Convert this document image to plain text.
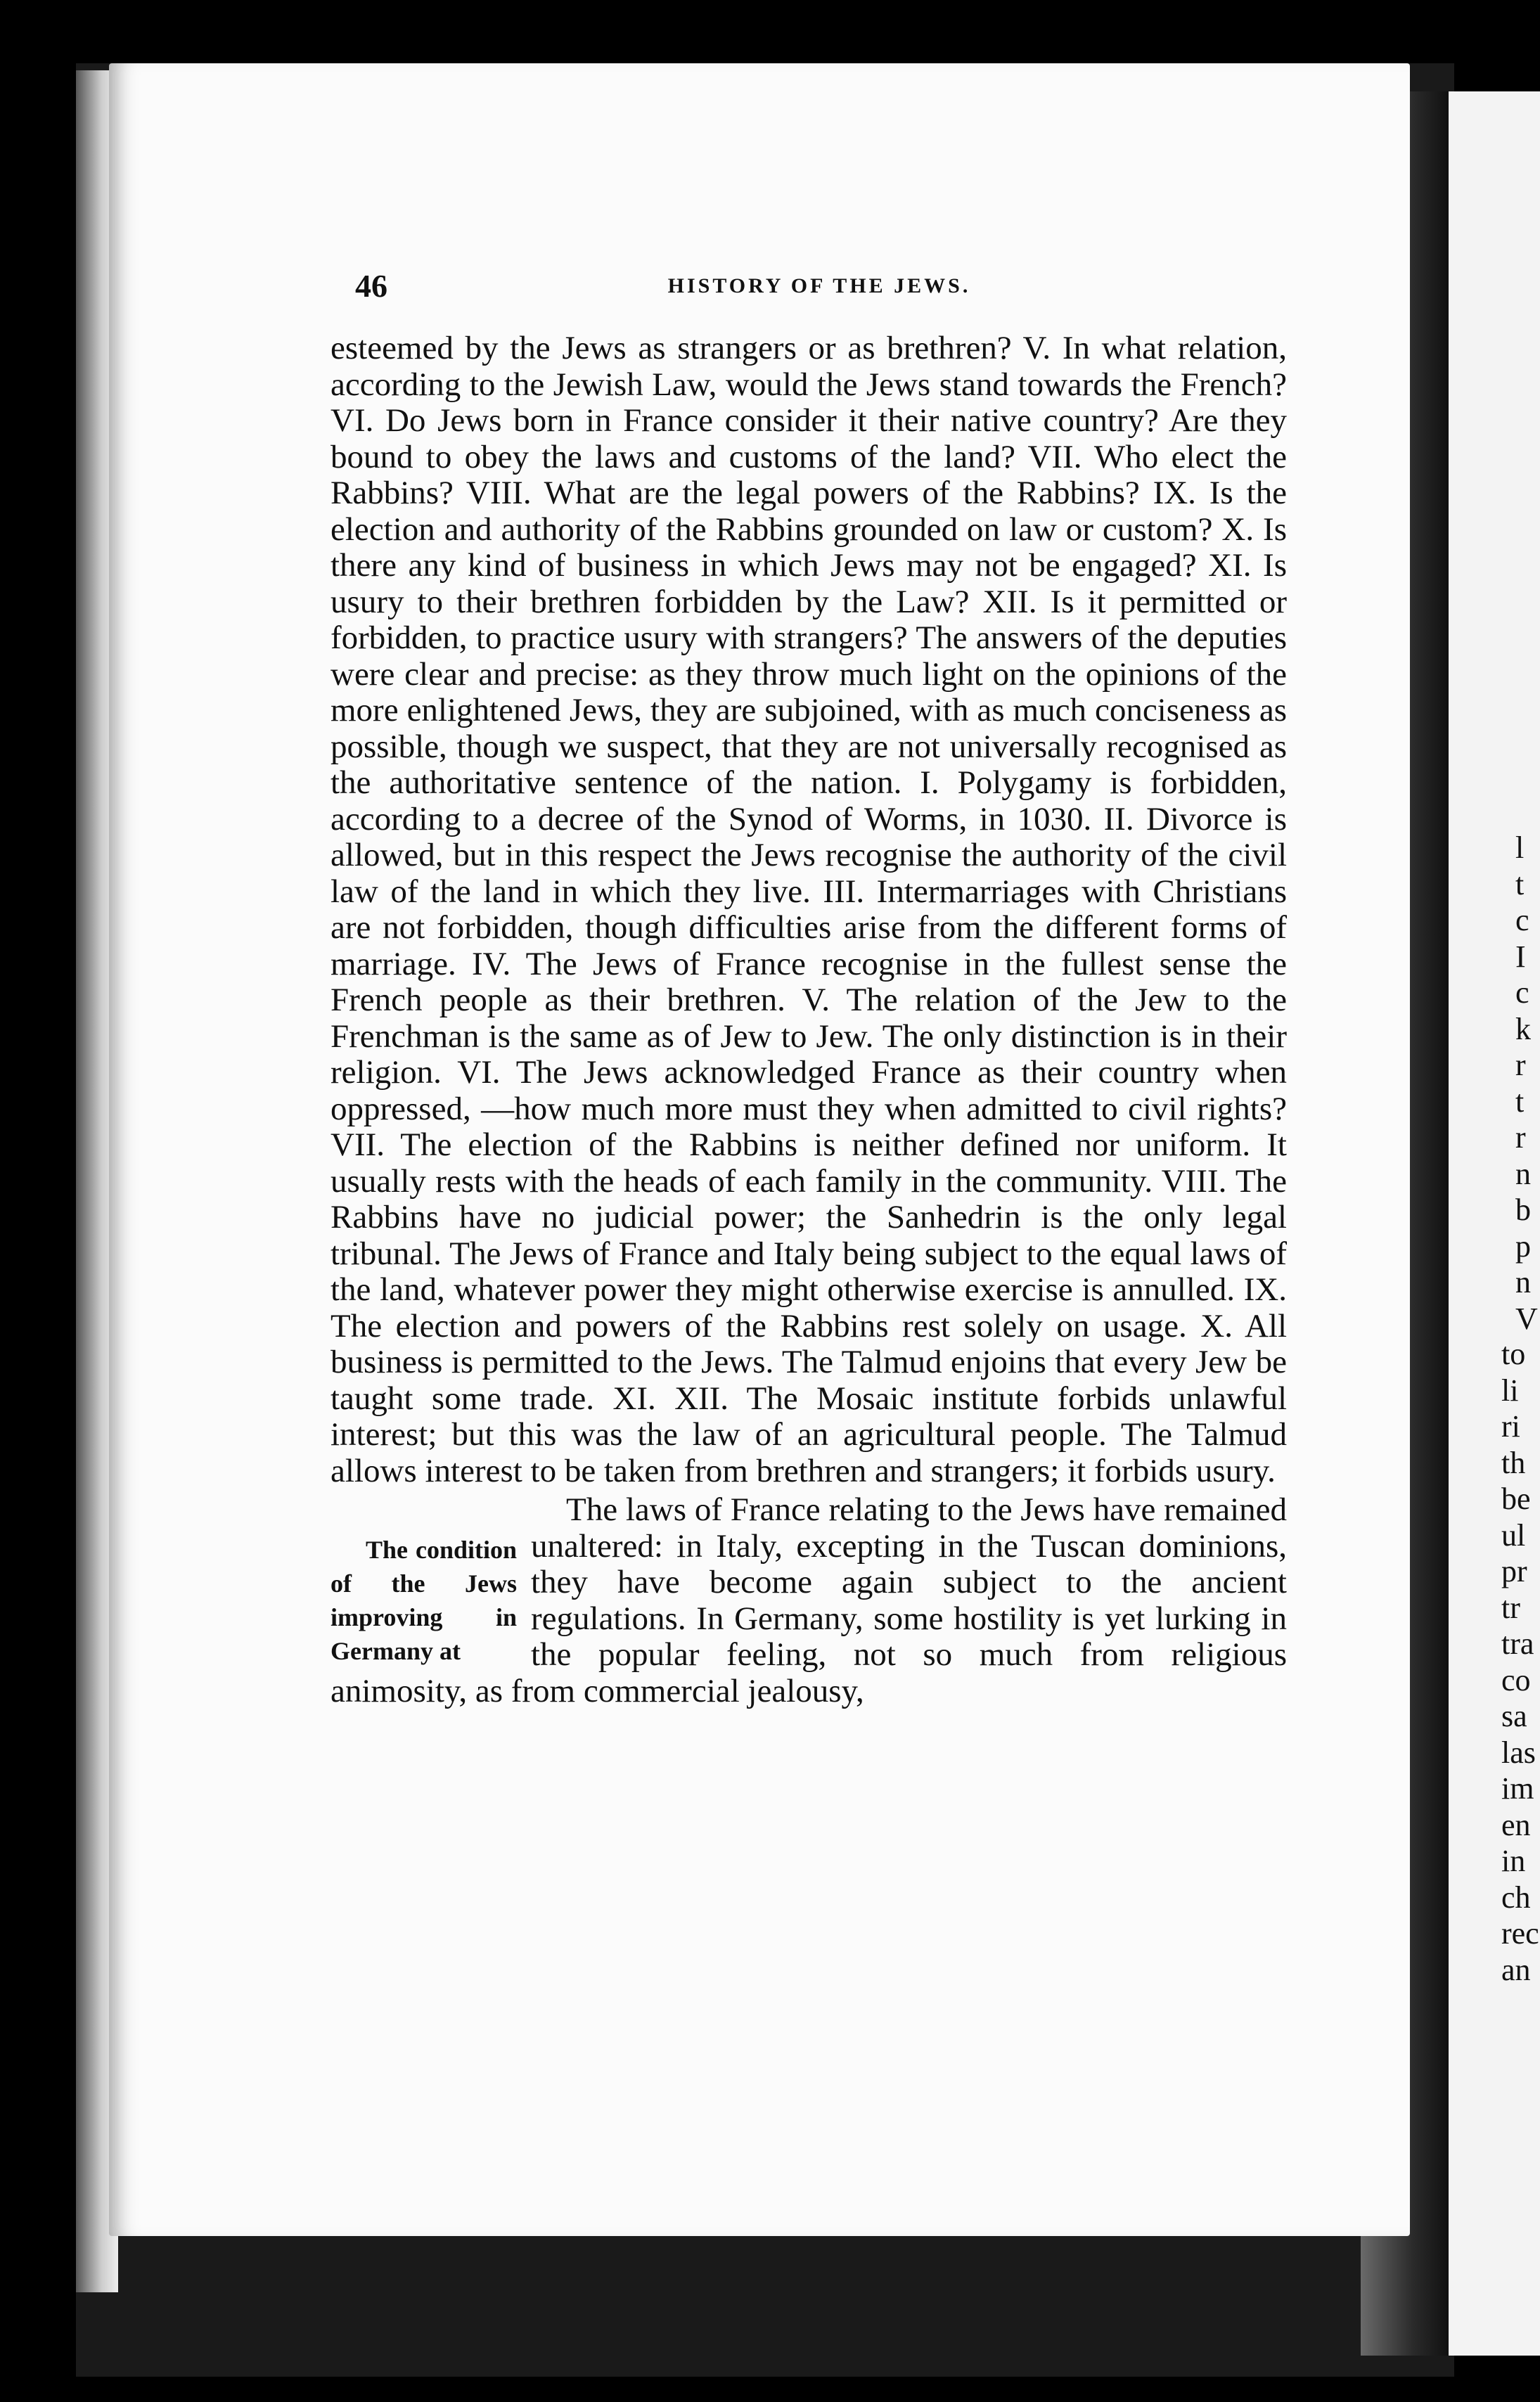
46	HISTORY OF THE JEWS.

esteemed by the Jews as strangers or as brethren? V. In what relation, according to the Jewish Law, would the Jews stand towards the French? VI. Do Jews born in France consider it their native country? Are they bound to obey the laws and customs of the land? VII. Who elect the Rabbins? VIII. What are the legal powers of the Rabbins? IX. Is the election and authority of the Rabbins grounded on law or custom? X. Is there any kind of business in which Jews may not be engaged? XI. Is usury to their brethren forbidden by the Law? XII. Is it permitted or forbidden, to practice usury with strangers? The answers of the deputies were clear and precise: as they throw much light on the opinions of the more enlightened Jews, they are subjoined, with as much conciseness as possible, though we suspect, that they are not universally recognised as the authoritative sentence of the nation. I. Polygamy is forbidden, according to a decree of the Synod of Worms, in 1030. II. Divorce is allowed, but in this respect the Jews recognise the authority of the civil law of the land in which they live. III. Intermarriages with Christians are not forbidden, though difficulties arise from the different forms of marriage. IV. The Jews of France recognise in the fullest sense the French people as their brethren. V. The relation of the Jew to the Frenchman is the same as of Jew to Jew. The only distinction is in their religion. VI. The Jews acknowledged France as their country when oppressed, —how much more must they when admitted to civil rights? VII. The election of the Rabbins is neither defined nor uniform. It usually rests with the heads of each family in the community. VIII. The Rabbins have no judicial power; the Sanhedrin is the only legal tribunal. The Jews of France and Italy being subject to the equal laws of the land, whatever power they might otherwise exercise is annulled. IX. The election and powers of the Rabbins rest solely on usage. X. All business is permitted to the Jews. The Talmud enjoins that every Jew be taught some trade. XI. XII. The Mosaic institute forbids unlawful interest; but this was the law of an agricultural people. The Talmud allows interest to be taken from brethren and strangers; it forbids usury.

The condition of the Jews improving in Germany at
The laws of France relating to the Jews have remained unaltered: in Italy, excepting in the Tuscan dominions, they have become again subject to the ancient regulations. In Germany, some hostility is yet lurking in the popular feeling, not so much from religious animosity, as from commercial jealousy,

l
t
c
I
c
k
r
t
r
n
b
p
n
V
to
li
ri
th
be
ul
pr
tr
tra
co
sa
las
im
en
in
ch
rec
an
